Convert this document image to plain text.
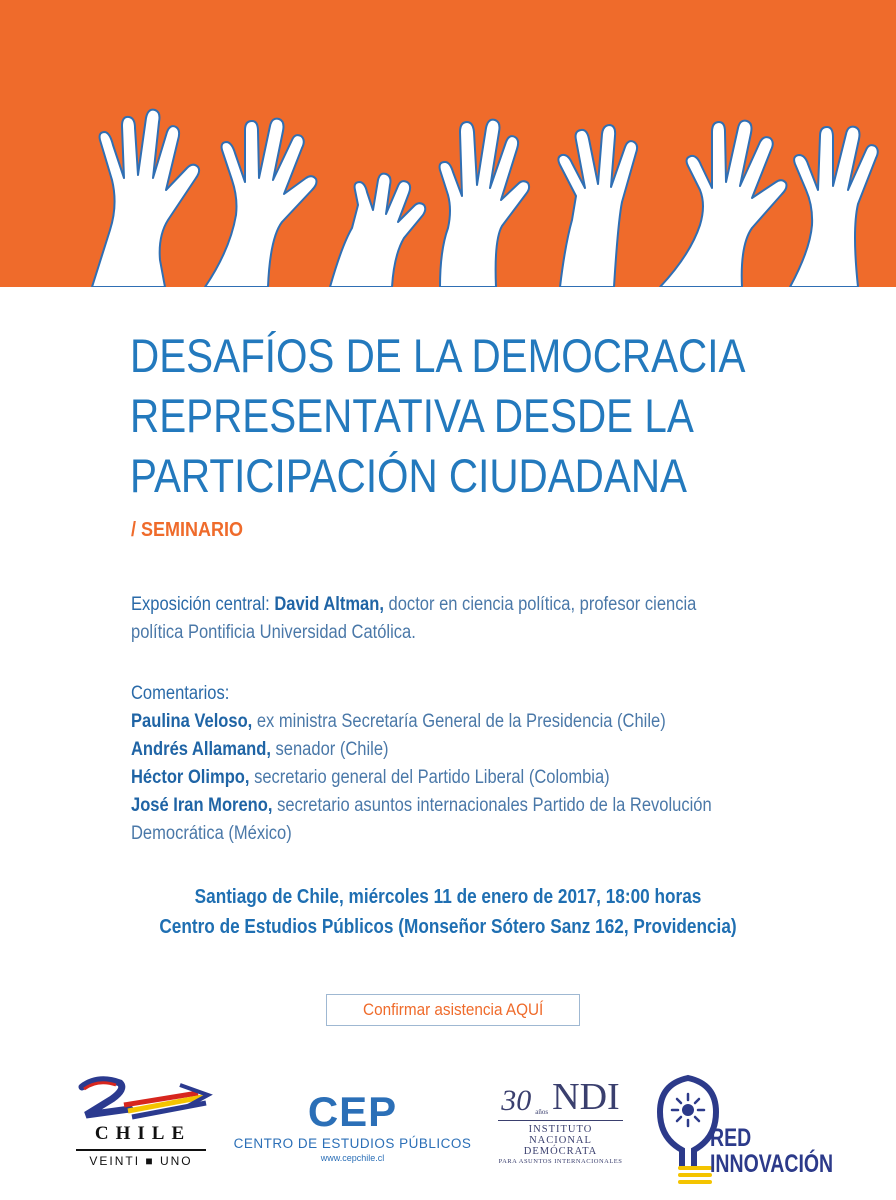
DESAFÍOS DE LA DEMOCRACIA
REPRESENTATIVA DESDE LA
PARTICIPACIÓN CIUDADANA
/ SEMINARIO
Exposición central: David Altman, doctor en ciencia política, profesor ciencia
política Pontificia Universidad Católica.
Comentarios:
Paulina Veloso, ex ministra Secretaría General de la Presidencia (Chile)
Andrés Allamand, senador (Chile)
Héctor Olimpo, secretario general del Partido Liberal (Colombia)
José Iran Moreno, secretario asuntos internacionales Partido de la Revolución
Democrática (México)
Santiago de Chile, miércoles 11 de enero de 2017, 18:00 horas
Centro de Estudios Públicos (Monseñor Sótero Sanz 162, Providencia)
Confirmar asistencia AQUÍ
CHILE
VEINTI ■ UNO
CEP
CENTRO DE ESTUDIOS PÚBLICOS
www.cepchile.cl
30 años NDI
INSTITUTO
NACIONAL
DEMÓCRATA
PARA ASUNTOS INTERNACIONALES
RED
INNOVACIÓN
